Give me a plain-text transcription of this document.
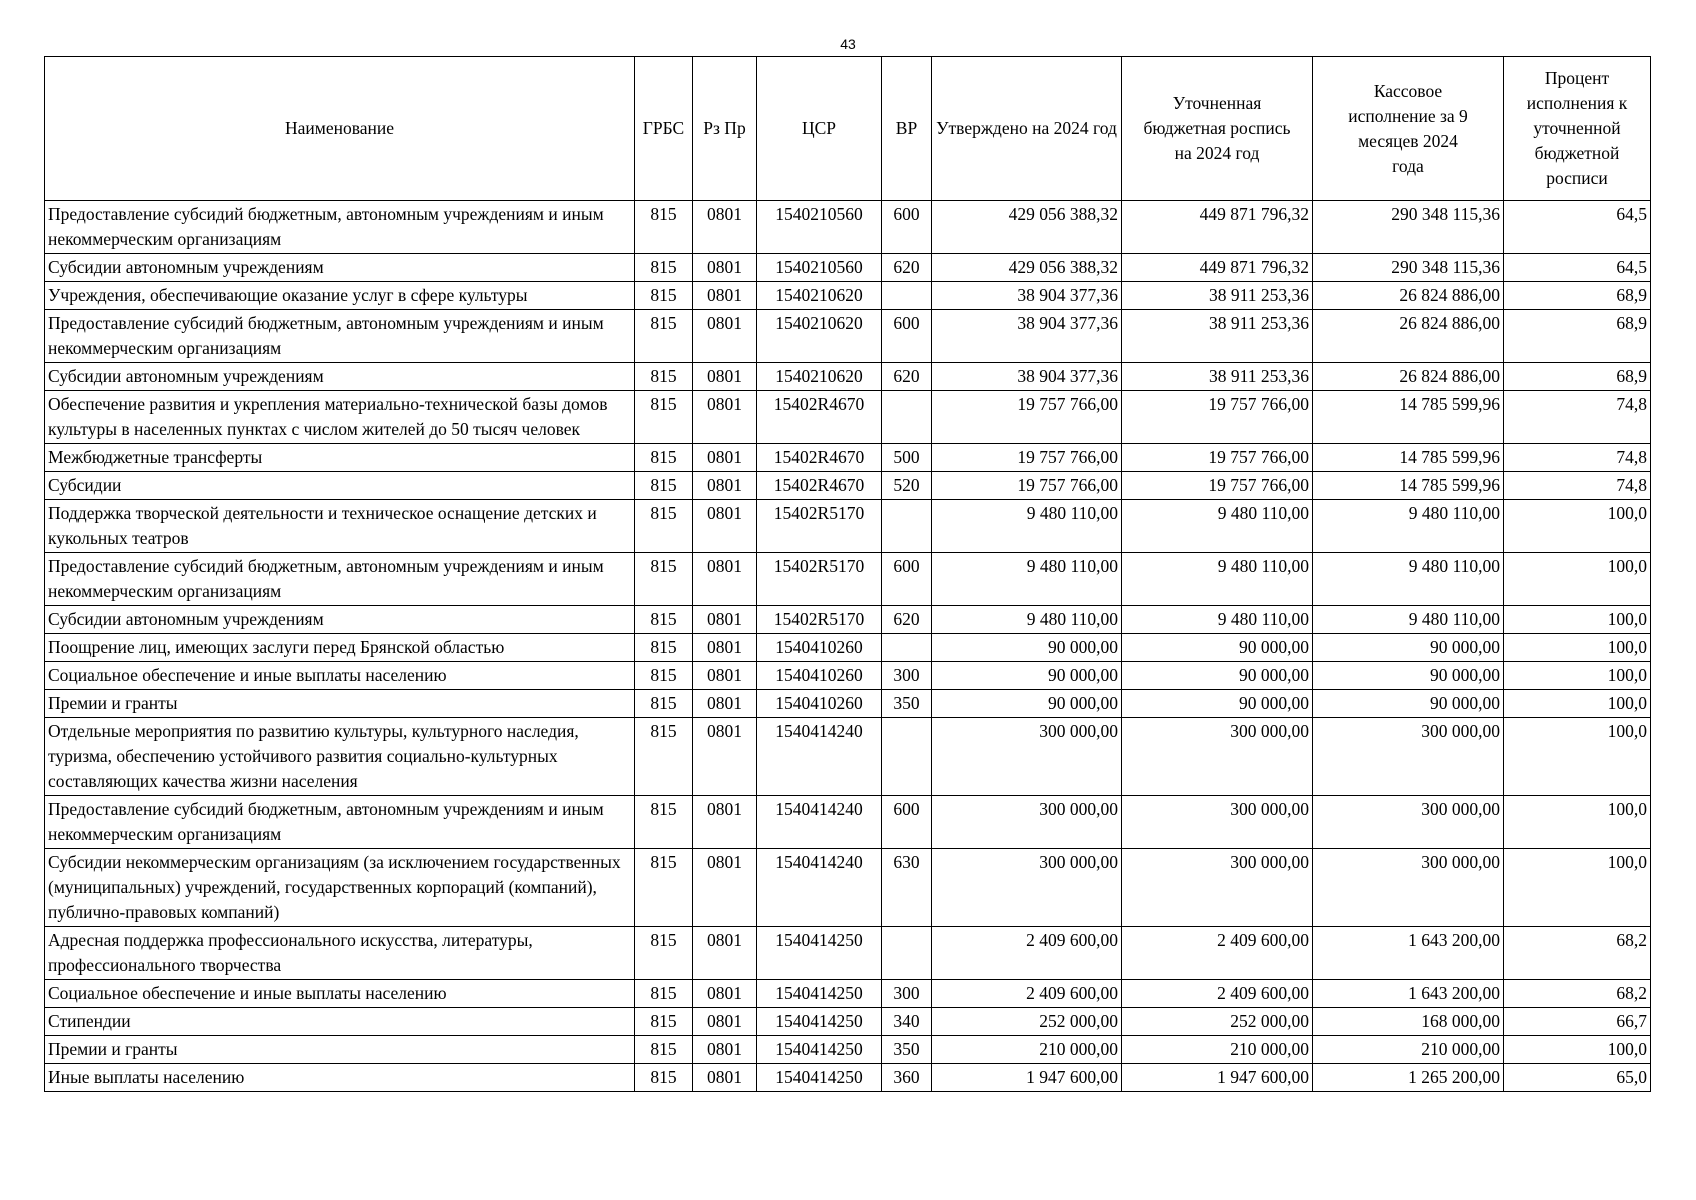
43
Наименование	ГРБС	Рз Пр	ЦСР	ВР	Утверждено на 2024 год	Уточненная бюджетная роспись на 2024 год	Кассовое исполнение за 9 месяцев 2024 года	Процент исполнения к уточненной бюджетной росписи
Предоставление субсидий бюджетным, автономным учреждениям и иным некоммерческим организациям	815	0801	1540210560	600	429 056 388,32	449 871 796,32	290 348 115,36	64,5
Субсидии автономным учреждениям	815	0801	1540210560	620	429 056 388,32	449 871 796,32	290 348 115,36	64,5
Учреждения, обеспечивающие оказание услуг в сфере культуры	815	0801	1540210620		38 904 377,36	38 911 253,36	26 824 886,00	68,9
Предоставление субсидий бюджетным, автономным учреждениям и иным некоммерческим организациям	815	0801	1540210620	600	38 904 377,36	38 911 253,36	26 824 886,00	68,9
Субсидии автономным учреждениям	815	0801	1540210620	620	38 904 377,36	38 911 253,36	26 824 886,00	68,9
Обеспечение развития и укрепления материально-технической базы домов культуры в населенных пунктах с числом жителей до 50 тысяч человек	815	0801	15402R4670		19 757 766,00	19 757 766,00	14 785 599,96	74,8
Межбюджетные трансферты	815	0801	15402R4670	500	19 757 766,00	19 757 766,00	14 785 599,96	74,8
Субсидии	815	0801	15402R4670	520	19 757 766,00	19 757 766,00	14 785 599,96	74,8
Поддержка творческой деятельности и техническое оснащение детских и кукольных театров	815	0801	15402R5170		9 480 110,00	9 480 110,00	9 480 110,00	100,0
Предоставление субсидий бюджетным, автономным учреждениям и иным некоммерческим организациям	815	0801	15402R5170	600	9 480 110,00	9 480 110,00	9 480 110,00	100,0
Субсидии автономным учреждениям	815	0801	15402R5170	620	9 480 110,00	9 480 110,00	9 480 110,00	100,0
Поощрение лиц, имеющих заслуги перед Брянской областью	815	0801	1540410260		90 000,00	90 000,00	90 000,00	100,0
Социальное обеспечение и иные выплаты населению	815	0801	1540410260	300	90 000,00	90 000,00	90 000,00	100,0
Премии и гранты	815	0801	1540410260	350	90 000,00	90 000,00	90 000,00	100,0
Отдельные мероприятия по развитию культуры, культурного наследия, туризма, обеспечению устойчивого развития социально-культурных составляющих качества жизни населения	815	0801	1540414240		300 000,00	300 000,00	300 000,00	100,0
Предоставление субсидий бюджетным, автономным учреждениям и иным некоммерческим организациям	815	0801	1540414240	600	300 000,00	300 000,00	300 000,00	100,0
Субсидии некоммерческим организациям (за исключением государственных (муниципальных) учреждений, государственных корпораций (компаний), публично-правовых компаний)	815	0801	1540414240	630	300 000,00	300 000,00	300 000,00	100,0
Адресная поддержка профессионального искусства, литературы, профессионального творчества	815	0801	1540414250		2 409 600,00	2 409 600,00	1 643 200,00	68,2
Социальное обеспечение и иные выплаты населению	815	0801	1540414250	300	2 409 600,00	2 409 600,00	1 643 200,00	68,2
Стипендии	815	0801	1540414250	340	252 000,00	252 000,00	168 000,00	66,7
Премии и гранты	815	0801	1540414250	350	210 000,00	210 000,00	210 000,00	100,0
Иные выплаты населению	815	0801	1540414250	360	1 947 600,00	1 947 600,00	1 265 200,00	65,0
